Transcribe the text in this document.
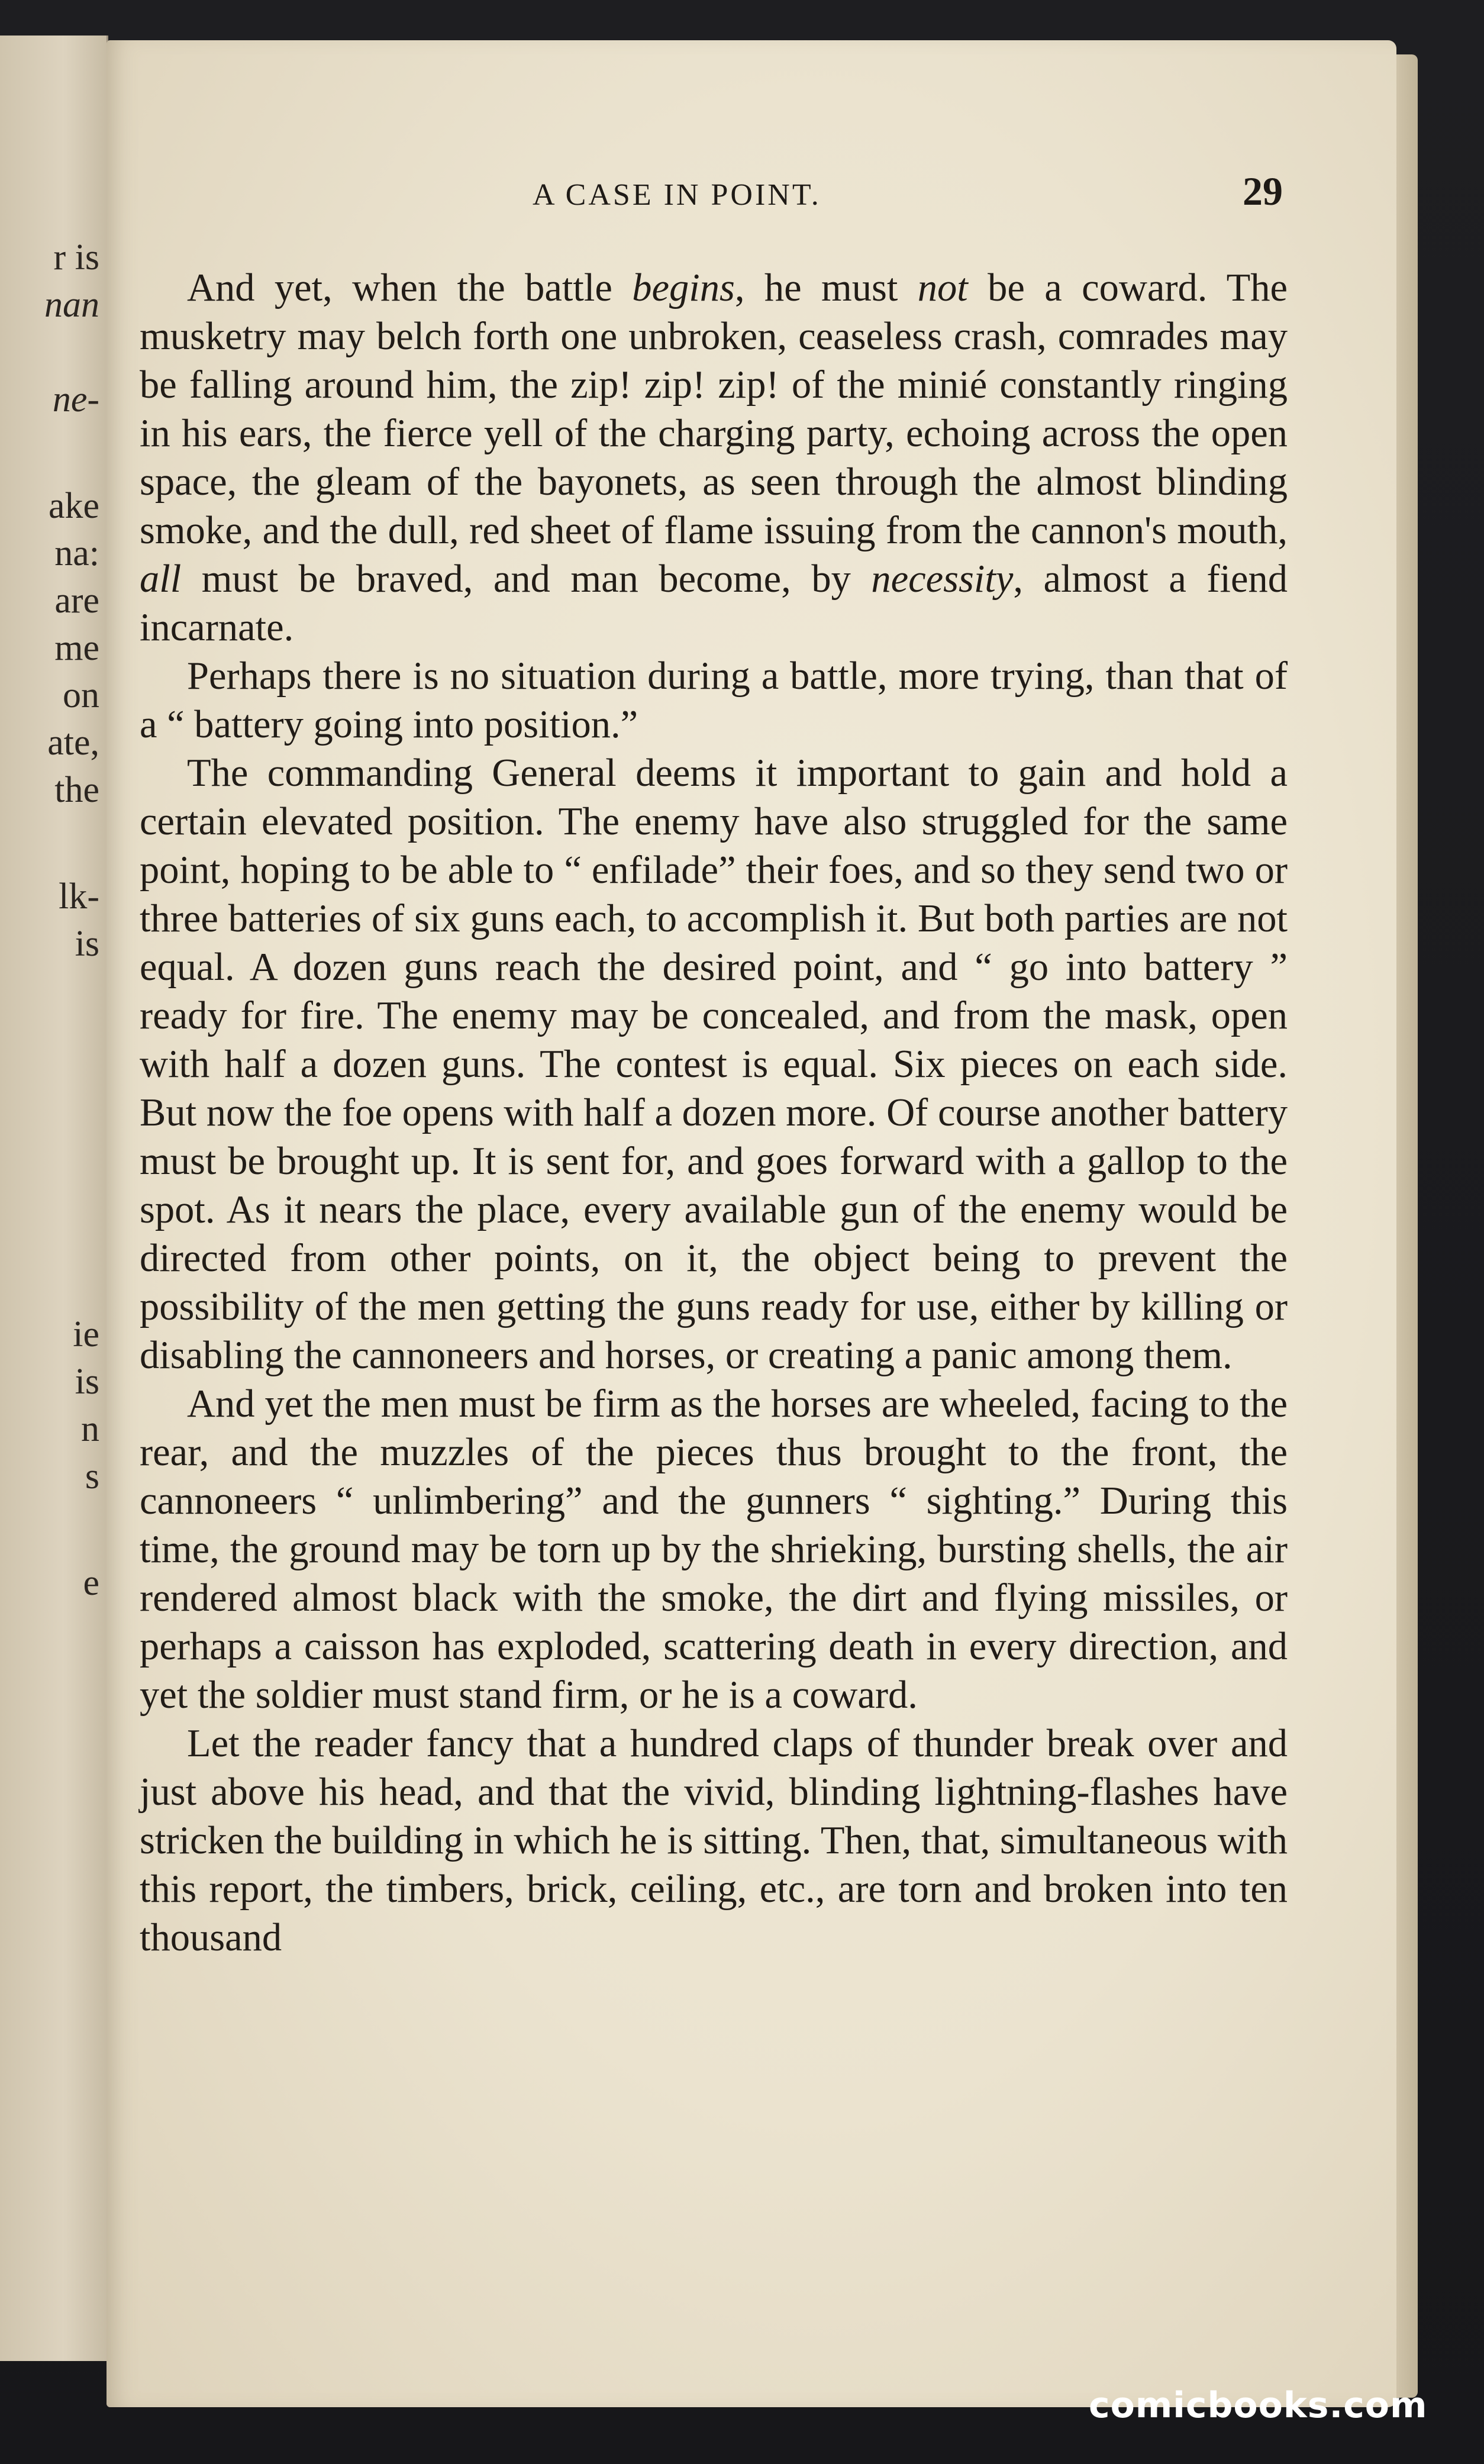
r is
nan
ne-
ake
na:
are
me
on
ate,
the
lk-
is
ie
is
n
s
e
A CASE IN POINT.	29

And yet, when the battle begins, he must not be a coward. The musketry may belch forth one unbroken, ceaseless crash, comrades may be falling around him, the zip! zip! zip! of the minié constantly ringing in his ears, the fierce yell of the charging party, echoing across the open space, the gleam of the bayonets, as seen through the almost blinding smoke, and the dull, red sheet of flame issuing from the cannon's mouth, all must be braved, and man become, by necessity, almost a fiend incarnate.

Perhaps there is no situation during a battle, more trying, than that of a “ battery going into position.”

The commanding General deems it important to gain and hold a certain elevated position. The enemy have also struggled for the same point, hoping to be able to “ enfilade” their foes, and so they send two or three batteries of six guns each, to accomplish it. But both parties are not equal. A dozen guns reach the desired point, and “ go into battery ” ready for fire. The enemy may be concealed, and from the mask, open with half a dozen guns. The contest is equal. Six pieces on each side. But now the foe opens with half a dozen more. Of course another battery must be brought up. It is sent for, and goes forward with a gallop to the spot. As it nears the place, every available gun of the enemy would be directed from other points, on it, the object being to prevent the possibility of the men getting the guns ready for use, either by killing or disabling the cannoneers and horses, or creating a panic among them.

And yet the men must be firm as the horses are wheeled, facing to the rear, and the muzzles of the pieces thus brought to the front, the cannoneers “ unlimbering” and the gunners “ sighting.” During this time, the ground may be torn up by the shrieking, bursting shells, the air rendered almost black with the smoke, the dirt and flying missiles, or perhaps a caisson has exploded, scattering death in every direction, and yet the soldier must stand firm, or he is a coward.

Let the reader fancy that a hundred claps of thunder break over and just above his head, and that the vivid, blinding lightning-flashes have stricken the building in which he is sitting. Then, that, simultaneous with this report, the timbers, brick, ceiling, etc., are torn and broken into ten thousand

comicbooks.com
